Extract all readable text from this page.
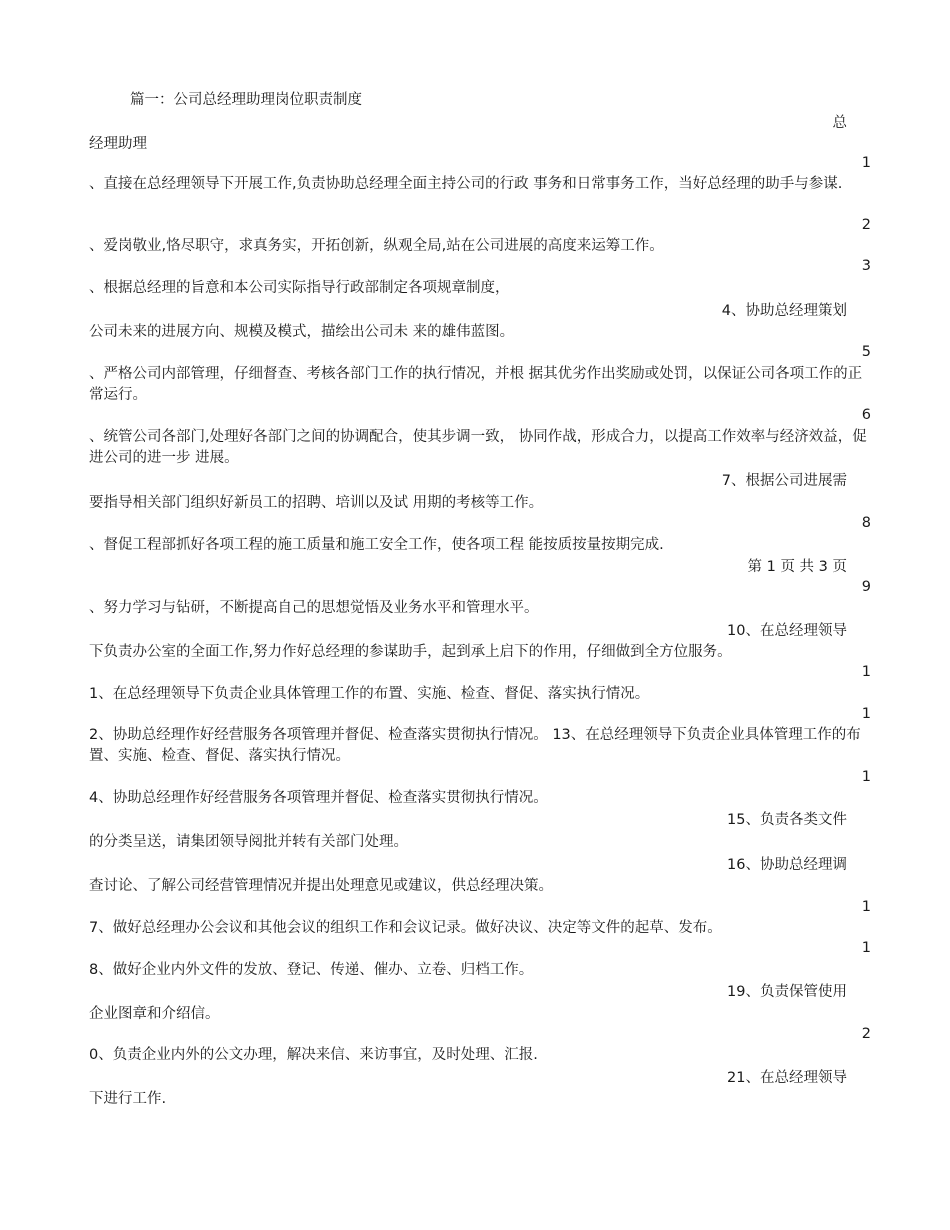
篇一：公司总经理助理岗位职责制度
总
经理助理
1
、直接在总经理领导下开展工作,负责协助总经理全面主持公司的行政 事务和日常事务工作，当好总经理的助手与参谋.
2
、爱岗敬业,恪尽职守，求真务实，开拓创新，纵观全局,站在公司进展的高度来运筹工作。
3
、根据总经理的旨意和本公司实际指导行政部制定各项规章制度，
4、协助总经理策划
公司未来的进展方向、规模及模式，描绘出公司未 来的雄伟蓝图。
5
、严格公司内部管理，仔细督查、考核各部门工作的执行情况，并根 据其优劣作出奖励或处罚，以保证公司各项工作的正常运行。
6
、统管公司各部门,处理好各部门之间的协调配合，使其步调一致， 协同作战，形成合力，以提高工作效率与经济效益，促进公司的进一步 进展。
7、根据公司进展需
要指导相关部门组织好新员工的招聘、培训以及试 用期的考核等工作。
8
、督促工程部抓好各项工程的施工质量和施工安全工作，使各项工程 能按质按量按期完成.
第 1 页 共 3 页
9
、努力学习与钻研，不断提高自己的思想觉悟及业务水平和管理水平。
10、在总经理领导
下负责办公室的全面工作,努力作好总经理的参谋助手，起到承上启下的作用，仔细做到全方位服务。
1
1、在总经理领导下负责企业具体管理工作的布置、实施、检查、督促、落实执行情况。
1
2、协助总经理作好经营服务各项管理并督促、检查落实贯彻执行情况。 13、在总经理领导下负责企业具体管理工作的布置、实施、检查、督促、落实执行情况。
1
4、协助总经理作好经营服务各项管理并督促、检查落实贯彻执行情况。
15、负责各类文件
的分类呈送，请集团领导阅批并转有关部门处理。
16、协助总经理调
查讨论、了解公司经营管理情况并提出处理意见或建议，供总经理决策。
1
7、做好总经理办公会议和其他会议的组织工作和会议记录。做好决议、决定等文件的起草、发布。
1
8、做好企业内外文件的发放、登记、传递、催办、立卷、归档工作。
19、负责保管使用
企业图章和介绍信。
2
0、负责企业内外的公文办理，解决来信、来访事宜，及时处理、汇报.
21、在总经理领导
下进行工作.
